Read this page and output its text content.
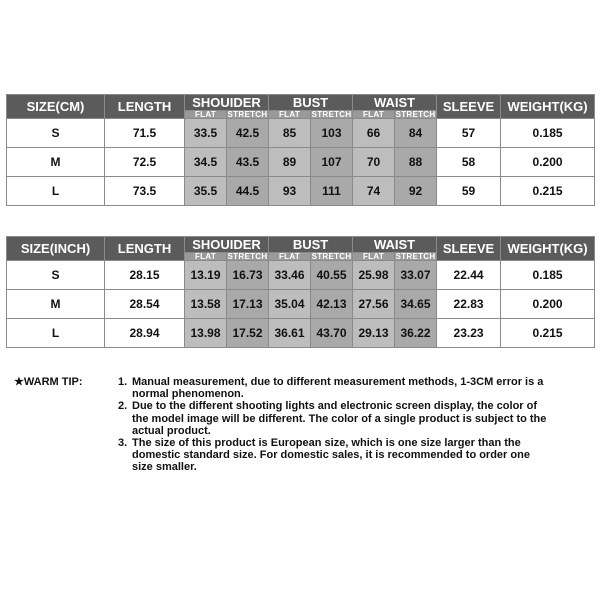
SIZE(CM)	LENGTH	SHOUIDER		BUST		WAIST		SLEEVE	WEIGHT(KG)
		FLAT	STRETCH	FLAT	STRETCH	FLAT	STRETCH		
S	71.5	33.5	42.5	85	103	66	84	57	0.185
M	72.5	34.5	43.5	89	107	70	88	58	0.200
L	73.5	35.5	44.5	93	111	74	92	59	0.215
SIZE(INCH)	LENGTH	SHOUIDER		BUST		WAIST		SLEEVE	WEIGHT(KG)
		FLAT	STRETCH	FLAT	STRETCH	FLAT	STRETCH		
S	28.15	13.19	16.73	33.46	40.55	25.98	33.07	22.44	0.185
M	28.54	13.58	17.13	35.04	42.13	27.56	34.65	22.83	0.200
L	28.94	13.98	17.52	36.61	43.70	29.13	36.22	23.23	0.215
★WARM TIP:	1. Manual measurement, due to different measurement methods, 1-3CM error is a normal phenomenon.
2. Due to the different shooting lights and electronic screen display, the color of the model image will be different. The color of a single product is subject to the actual product.
3. The size of this product is European size, which is one size larger than the domestic standard size. For domestic sales, it is recommended to order one size smaller.
